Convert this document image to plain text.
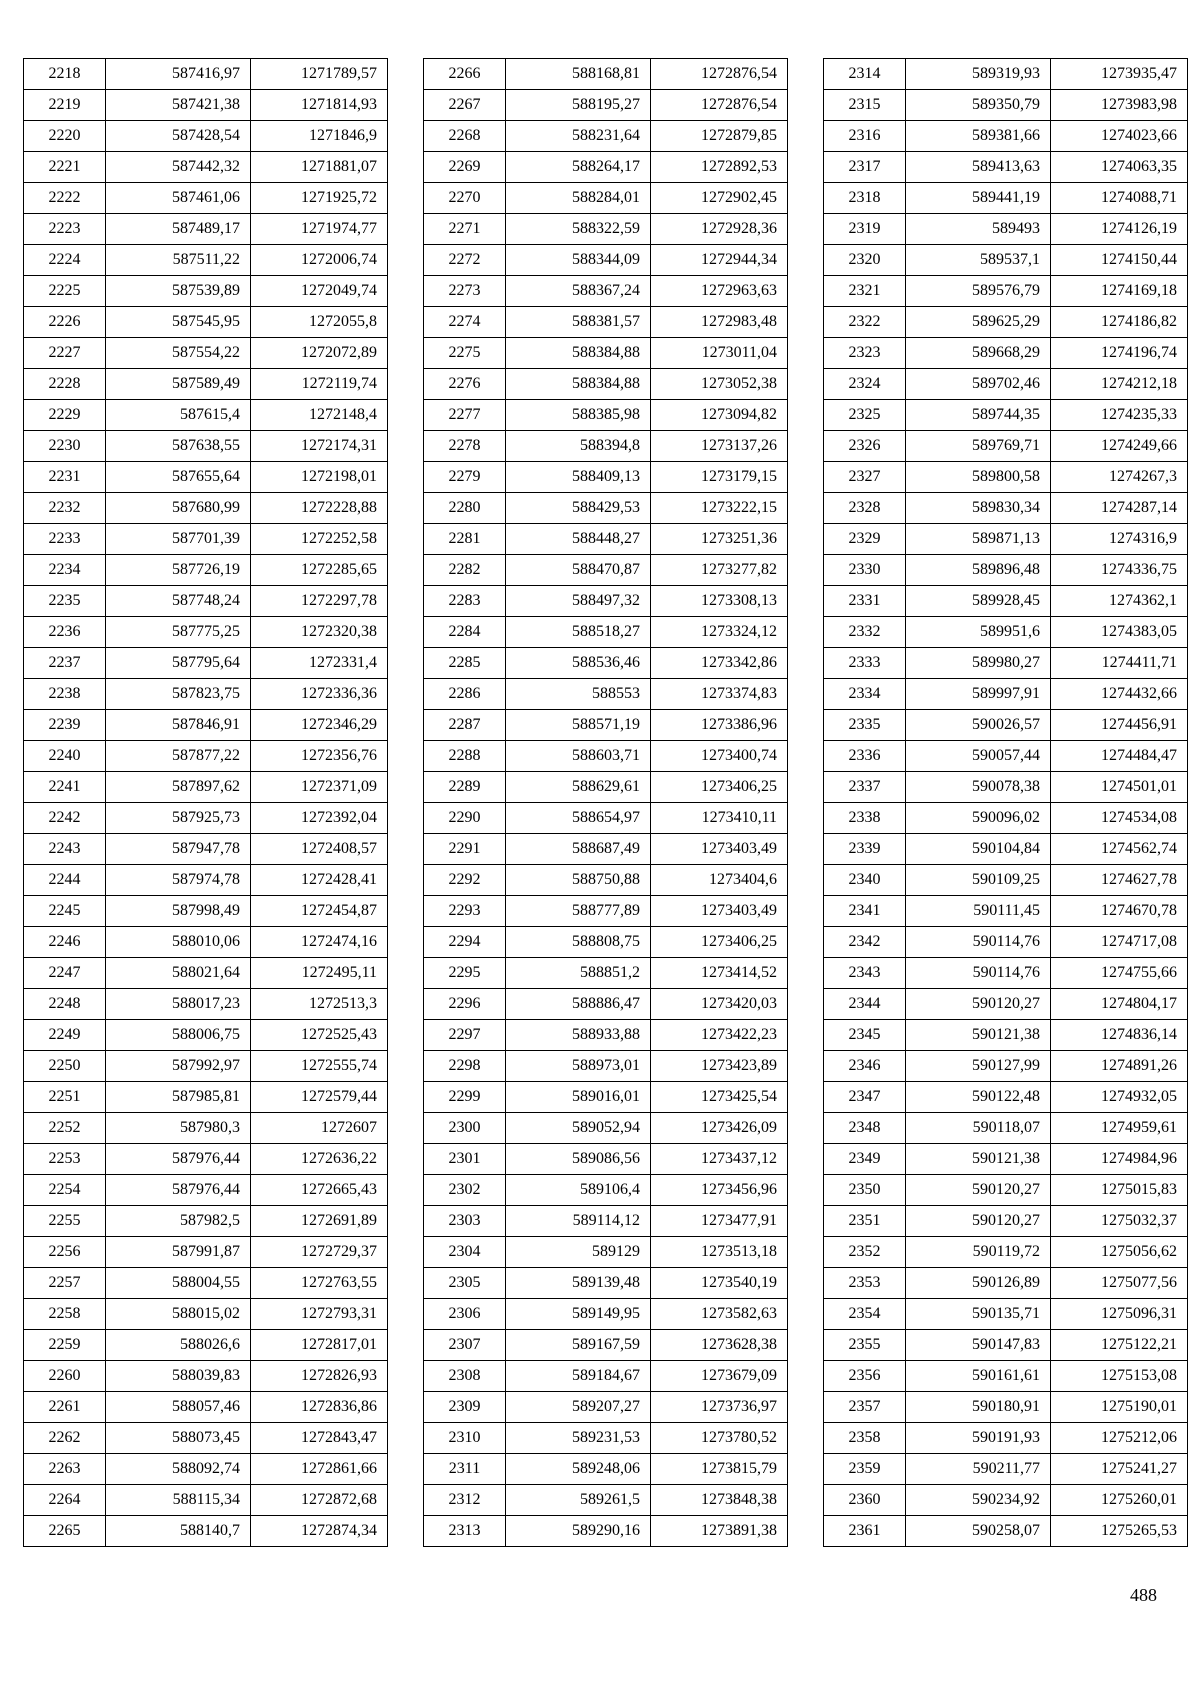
2218	587416,97	1271789,57
2219	587421,38	1271814,93
2220	587428,54	1271846,9
2221	587442,32	1271881,07
2222	587461,06	1271925,72
2223	587489,17	1271974,77
2224	587511,22	1272006,74
2225	587539,89	1272049,74
2226	587545,95	1272055,8
2227	587554,22	1272072,89
2228	587589,49	1272119,74
2229	587615,4	1272148,4
2230	587638,55	1272174,31
2231	587655,64	1272198,01
2232	587680,99	1272228,88
2233	587701,39	1272252,58
2234	587726,19	1272285,65
2235	587748,24	1272297,78
2236	587775,25	1272320,38
2237	587795,64	1272331,4
2238	587823,75	1272336,36
2239	587846,91	1272346,29
2240	587877,22	1272356,76
2241	587897,62	1272371,09
2242	587925,73	1272392,04
2243	587947,78	1272408,57
2244	587974,78	1272428,41
2245	587998,49	1272454,87
2246	588010,06	1272474,16
2247	588021,64	1272495,11
2248	588017,23	1272513,3
2249	588006,75	1272525,43
2250	587992,97	1272555,74
2251	587985,81	1272579,44
2252	587980,3	1272607
2253	587976,44	1272636,22
2254	587976,44	1272665,43
2255	587982,5	1272691,89
2256	587991,87	1272729,37
2257	588004,55	1272763,55
2258	588015,02	1272793,31
2259	588026,6	1272817,01
2260	588039,83	1272826,93
2261	588057,46	1272836,86
2262	588073,45	1272843,47
2263	588092,74	1272861,66
2264	588115,34	1272872,68
2265	588140,7	1272874,34
2266	588168,81	1272876,54
2267	588195,27	1272876,54
2268	588231,64	1272879,85
2269	588264,17	1272892,53
2270	588284,01	1272902,45
2271	588322,59	1272928,36
2272	588344,09	1272944,34
2273	588367,24	1272963,63
2274	588381,57	1272983,48
2275	588384,88	1273011,04
2276	588384,88	1273052,38
2277	588385,98	1273094,82
2278	588394,8	1273137,26
2279	588409,13	1273179,15
2280	588429,53	1273222,15
2281	588448,27	1273251,36
2282	588470,87	1273277,82
2283	588497,32	1273308,13
2284	588518,27	1273324,12
2285	588536,46	1273342,86
2286	588553	1273374,83
2287	588571,19	1273386,96
2288	588603,71	1273400,74
2289	588629,61	1273406,25
2290	588654,97	1273410,11
2291	588687,49	1273403,49
2292	588750,88	1273404,6
2293	588777,89	1273403,49
2294	588808,75	1273406,25
2295	588851,2	1273414,52
2296	588886,47	1273420,03
2297	588933,88	1273422,23
2298	588973,01	1273423,89
2299	589016,01	1273425,54
2300	589052,94	1273426,09
2301	589086,56	1273437,12
2302	589106,4	1273456,96
2303	589114,12	1273477,91
2304	589129	1273513,18
2305	589139,48	1273540,19
2306	589149,95	1273582,63
2307	589167,59	1273628,38
2308	589184,67	1273679,09
2309	589207,27	1273736,97
2310	589231,53	1273780,52
2311	589248,06	1273815,79
2312	589261,5	1273848,38
2313	589290,16	1273891,38
2314	589319,93	1273935,47
2315	589350,79	1273983,98
2316	589381,66	1274023,66
2317	589413,63	1274063,35
2318	589441,19	1274088,71
2319	589493	1274126,19
2320	589537,1	1274150,44
2321	589576,79	1274169,18
2322	589625,29	1274186,82
2323	589668,29	1274196,74
2324	589702,46	1274212,18
2325	589744,35	1274235,33
2326	589769,71	1274249,66
2327	589800,58	1274267,3
2328	589830,34	1274287,14
2329	589871,13	1274316,9
2330	589896,48	1274336,75
2331	589928,45	1274362,1
2332	589951,6	1274383,05
2333	589980,27	1274411,71
2334	589997,91	1274432,66
2335	590026,57	1274456,91
2336	590057,44	1274484,47
2337	590078,38	1274501,01
2338	590096,02	1274534,08
2339	590104,84	1274562,74
2340	590109,25	1274627,78
2341	590111,45	1274670,78
2342	590114,76	1274717,08
2343	590114,76	1274755,66
2344	590120,27	1274804,17
2345	590121,38	1274836,14
2346	590127,99	1274891,26
2347	590122,48	1274932,05
2348	590118,07	1274959,61
2349	590121,38	1274984,96
2350	590120,27	1275015,83
2351	590120,27	1275032,37
2352	590119,72	1275056,62
2353	590126,89	1275077,56
2354	590135,71	1275096,31
2355	590147,83	1275122,21
2356	590161,61	1275153,08
2357	590180,91	1275190,01
2358	590191,93	1275212,06
2359	590211,77	1275241,27
2360	590234,92	1275260,01
2361	590258,07	1275265,53
488
